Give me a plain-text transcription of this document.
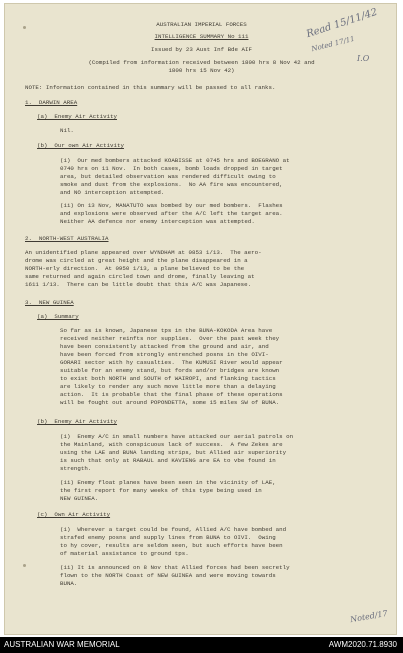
Read 15/11/42
Noted 17/11
I.O
Noted/17
AUSTRALIAN IMPERIAL FORCES
INTELLIGENCE SUMMARY No 111
Issued by 23 Aust Inf Bde AIF
(Compiled from information received between 1800 hrs 8 Nov 42 and
1800 hrs 15 Nov 42)
NOTE: Information contained in this summary will be passed to all ranks.
1.  DARWIN AREA
(a)  Enemy Air Activity
Nil.
(b)  Our own Air Activity
(i)  Our med bombers attacked KOABISSE at 0745 hrs and BOEGRANO at
0740 hrs on 11 Nov.  In both cases, bomb loads dropped in target
area, but detailed observation was rendered difficult owing to
smoke and dust from the explosions.  No AA fire was encountered,
and NO interception attempted.
(ii) On 13 Nov, MANATUTO was bombed by our med bombers.  Flashes
and explosions were observed after the A/C left the target area.
Neither AA defence nor enemy interception was attempted.
2.  NORTH-WEST AUSTRALIA
An unidentified plane appeared over WYNDHAM at 0853 1/13.  The aero-
drome was circled at great height and the plane disappeared in a
NORTH-erly direction.  At 0950 1/13, a plane believed to be the
same returned and again circled town and drome, finally leaving at
1611 1/13.  There can be little doubt that this A/C was Japanese.
3.  NEW GUINEA
(a)  Summary
So far as is known, Japanese tps in the BUNA-KOKODA Area have
received neither reinfts nor supplies.  Over the past week they
have been consistently attacked from the ground and air, and
have been forced from strongly entrenched posns in the OIVI-
GORARI sector with hy casualties.  The KUMUSI River would appear
suitable for an enemy stand, but fords and/or bridges are known
to exist both NORTH and SOUTH of WAIROPI, and flanking tactics
are likely to render any such move little more than a delaying
action.  It is probable that the final phase of these operations
will be fought out around POPONDETTA, some 15 miles SW of BUNA.
(b)  Enemy Air Activity
(i)  Enemy A/C in small numbers have attacked our aerial patrols on
the Mainland, with conspicuous lack of success.  A few Zekes are
using the LAE and BUNA landing strips, but Allied air superiority
is such that only at RABAUL and KAVIENG are EA to vbe found in
strength.
(ii) Enemy float planes have been seen in the vicinity of LAE,
the first report for many weeks of this type being used in
NEW GUINEA.
(c)  Own Air Activity
(i)  Wherever a target could be found, Allied A/C have bombed and
strafed enemy posns and supply lines from BUNA to OIVI.  Owing
to hy cover, results are seldom seen, but such efforts have been
of material assistance to ground tps.
(ii) It is announced on 8 Nov that Allied forces had been secretly
flown to the NORTH Coast of NEW GUINEA and were moving towards
BUNA.
AUSTRALIAN WAR MEMORIAL	AWM2020.71.8930
